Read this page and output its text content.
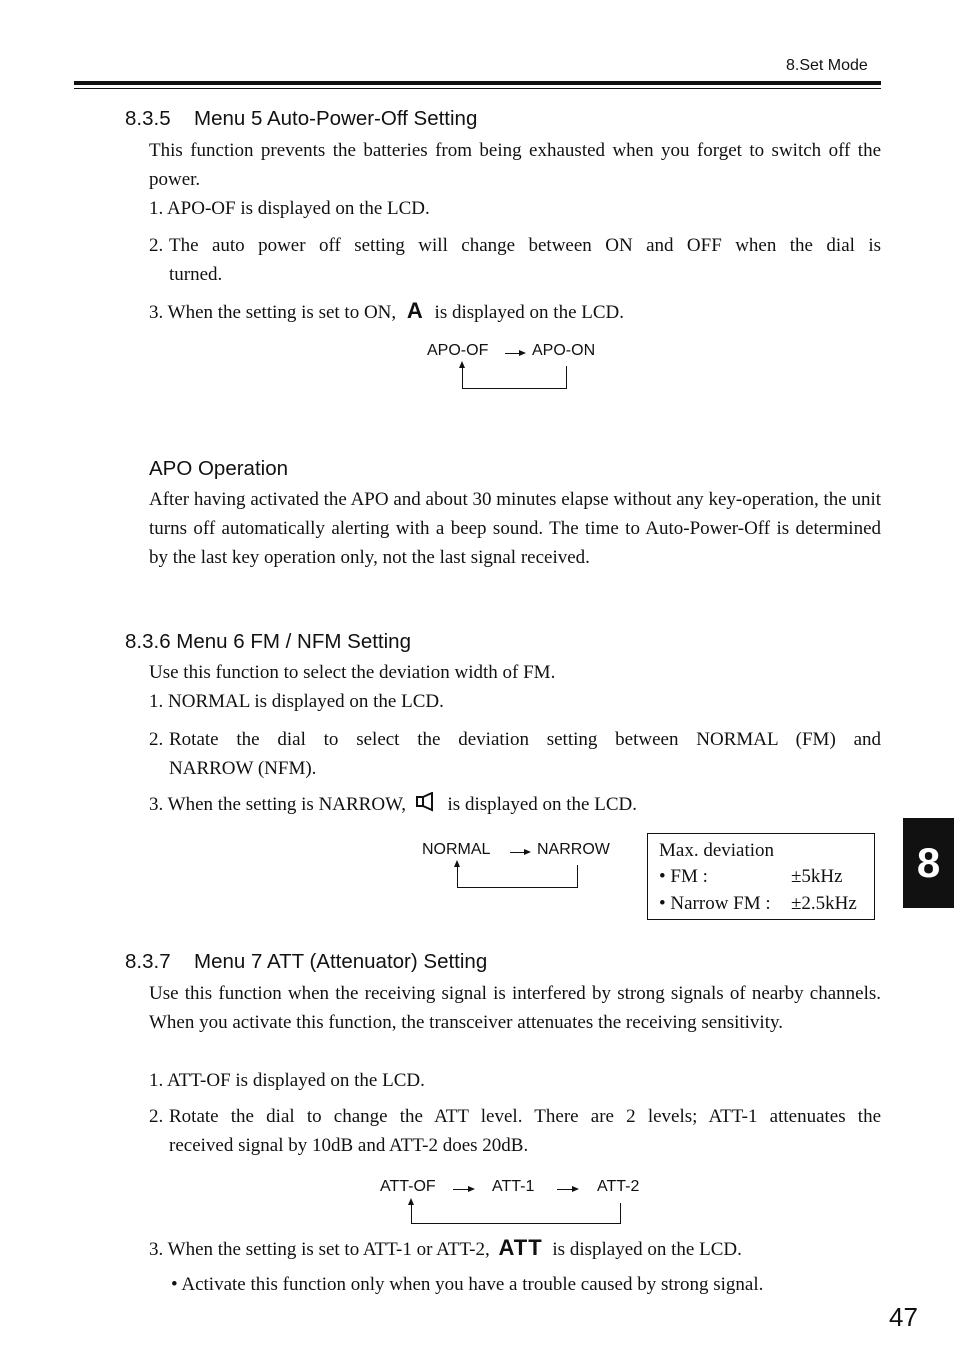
8.Set Mode
8.3.5 Menu 5 Auto-Power-Off Setting
This function prevents the batteries from being exhausted when you forget to switch off the power.
1. APO-OF is displayed on the LCD.
2. The auto power off setting will change between ON and OFF when the dial is
turned.
3. When the setting is set to ON, A is displayed on the LCD.
APO-OF	APO-ON
APO Operation
After having activated the APO and about 30 minutes elapse without any key-operation, the unit turns off automatically alerting with a beep sound. The time to Auto-Power-Off is determined by the last key operation only, not the last signal received.
8.3.6 Menu 6 FM / NFM Setting
Use this function to select the deviation width of FM.
1. NORMAL is displayed on the LCD.
2. Rotate the dial to select the deviation setting between NORMAL (FM) and
NARROW (NFM).
3. When the setting is NARROW, is displayed on the LCD.
NORMAL	NARROW	Max. deviation
• FM :	±5kHz
• Narrow FM : ±2.5kHz
8
8.3.7 Menu 7 ATT (Attenuator) Setting
Use this function when the receiving signal is interfered by strong signals of nearby channels. When you activate this function, the transceiver attenuates the receiving sensitivity.
1. ATT-OF is displayed on the LCD.
2. Rotate the dial to change the ATT level. There are 2 levels; ATT-1 attenuates the
received signal by 10dB and ATT-2 does 20dB.
ATT-OF	ATT-1	ATT-2
3. When the setting is set to ATT-1 or ATT-2, ATT is displayed on the LCD.
• Activate this function only when you have a trouble caused by strong signal.
47
